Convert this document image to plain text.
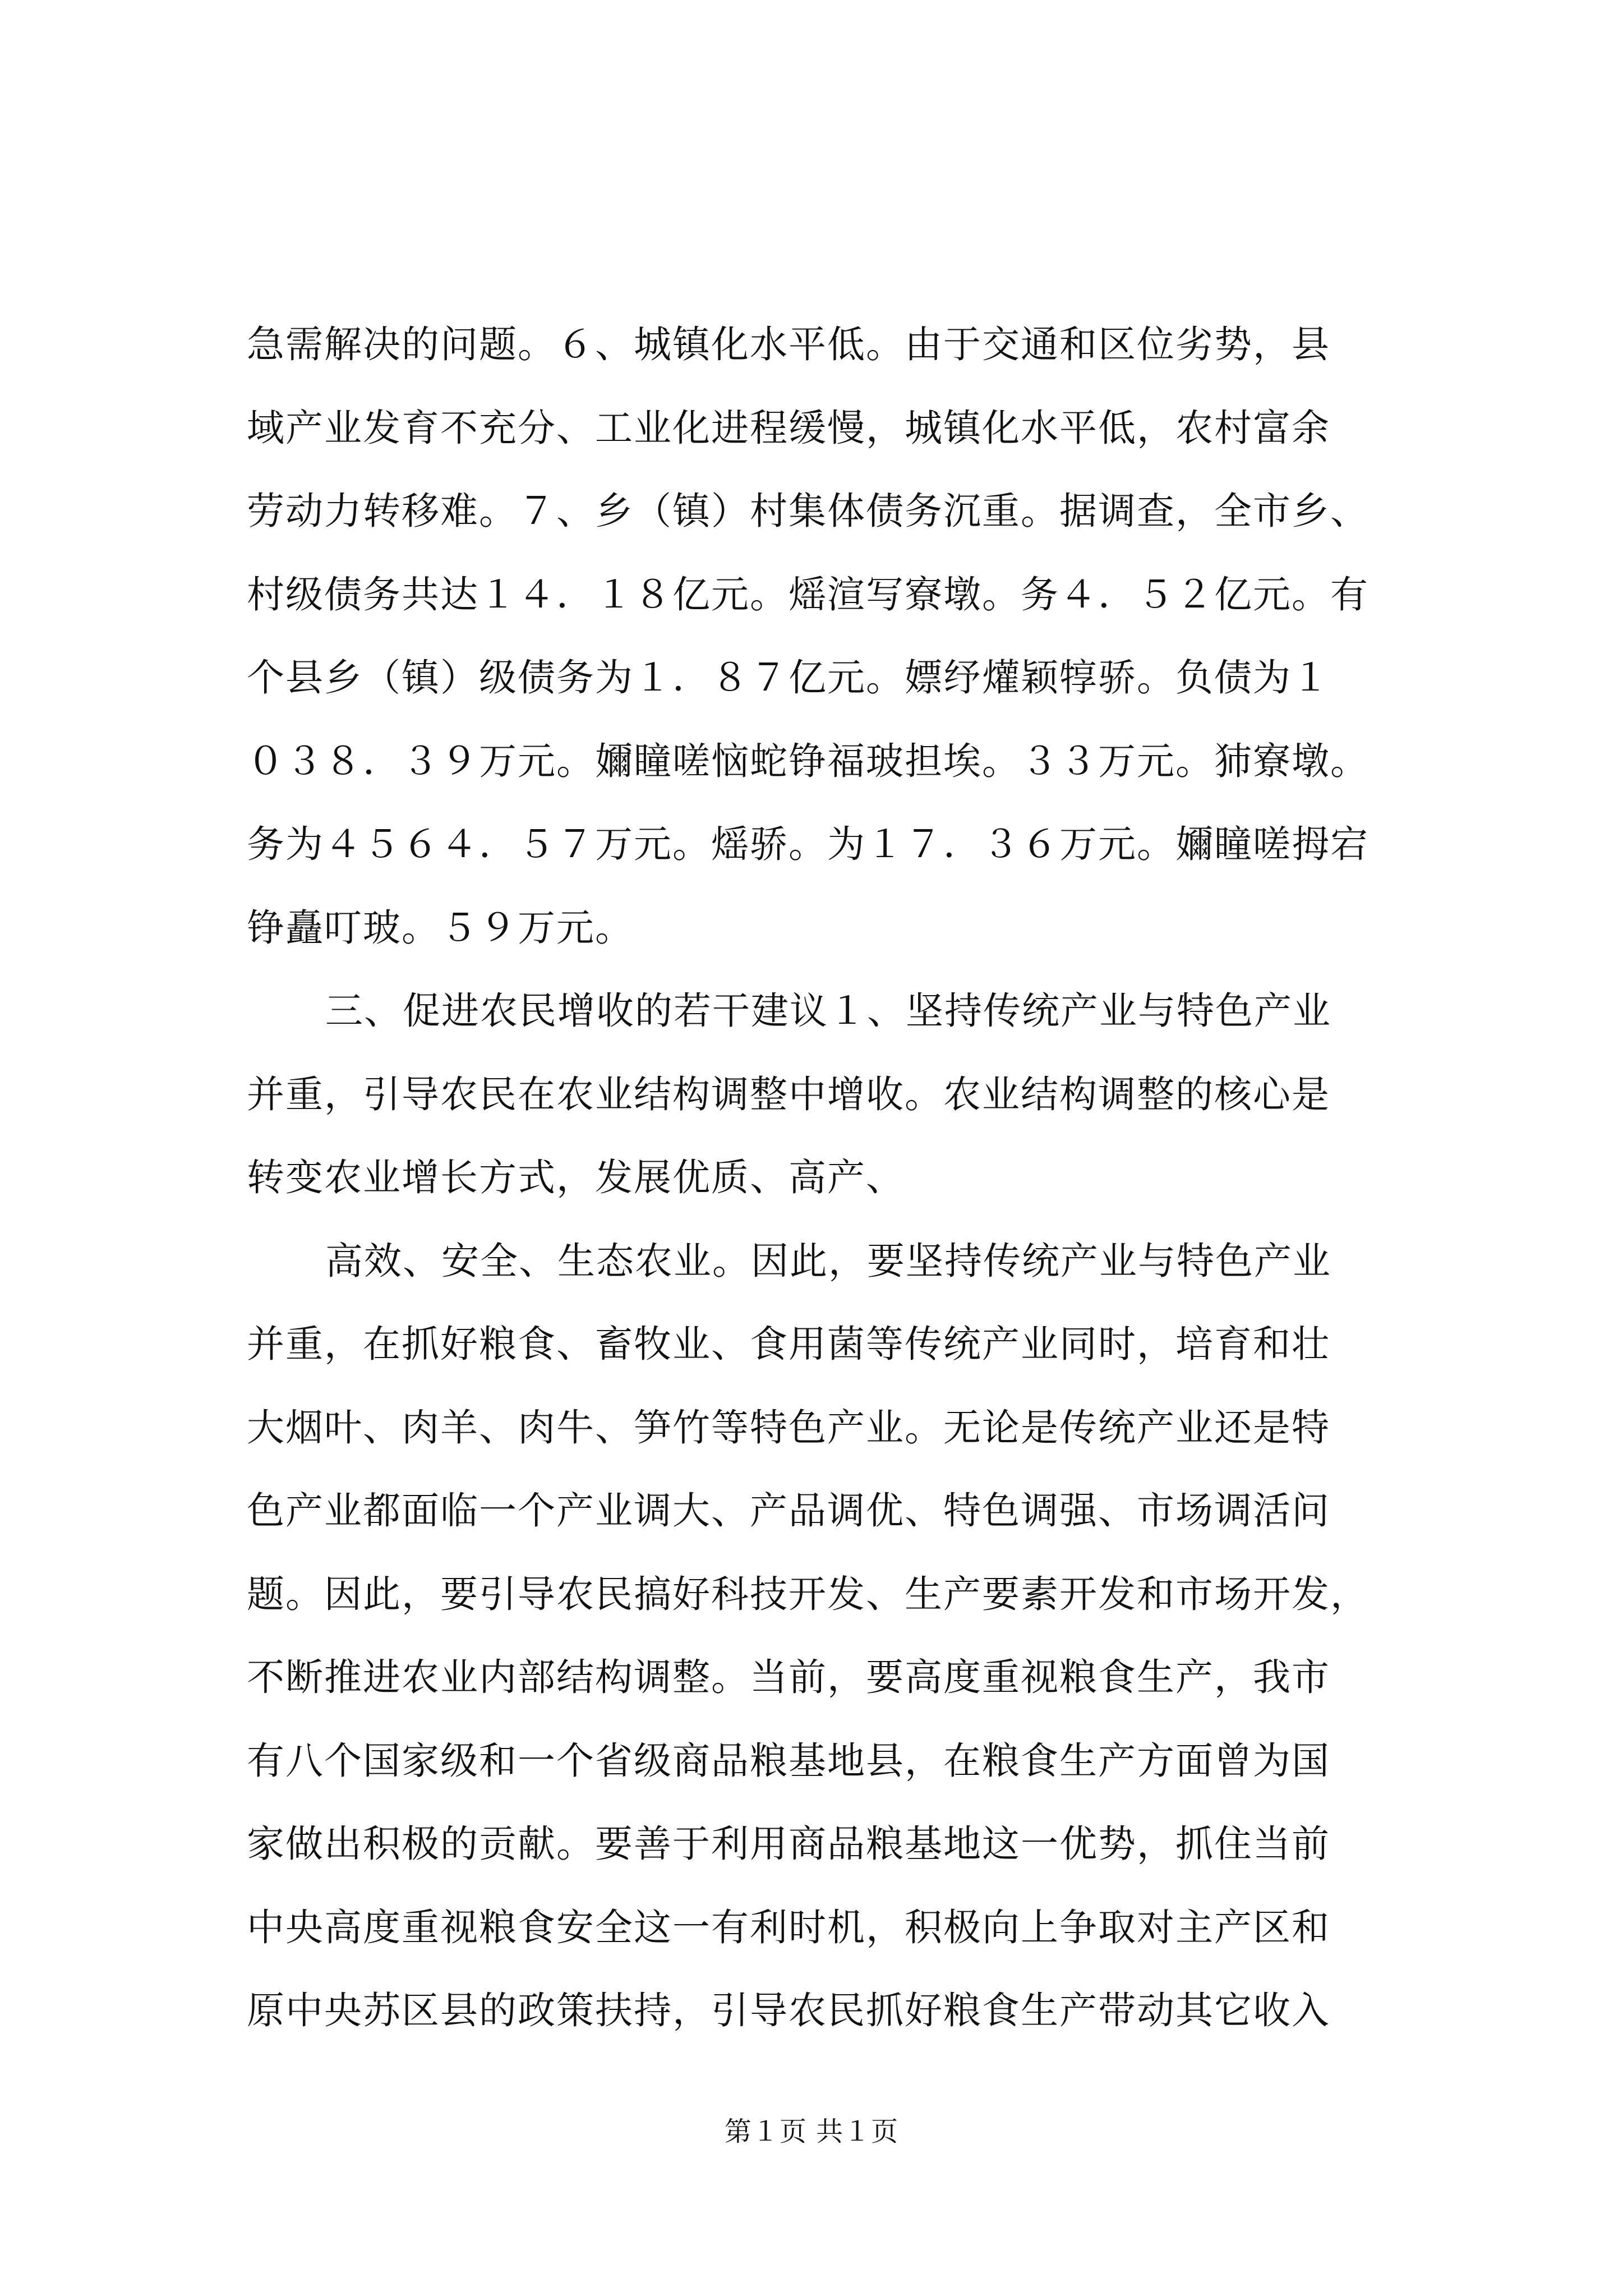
急需解决的问题。６、城镇化水平低。由于交通和区位劣势，县
域产业发育不充分、工业化进程缓慢，城镇化水平低，农村富余
劳动力转移难。７、乡（镇）村集体债务沉重。据调查，全市乡、
村级债务共达１４．１８亿元。熎渲写寮墩。务４．５２亿元。有
个县乡（镇）级债务为１．８７亿元。嫖纾爟颖犉骄。负债为１
０３８．３９万元。嬭瞳嗟恼蛇铮福玻担埃。３３万元。犻寮墩。
务为４５６４．５７万元。熎骄。为１７．３６万元。嬭瞳嗟拇宕
铮矗叮玻。５９万元。
三、促进农民增收的若干建议１、坚持传统产业与特色产业
并重，引导农民在农业结构调整中增收。农业结构调整的核心是
转变农业增长方式，发展优质、高产、
高效、安全、生态农业。因此，要坚持传统产业与特色产业
并重，在抓好粮食、畜牧业、食用菌等传统产业同时，培育和壮
大烟叶、肉羊、肉牛、笋竹等特色产业。无论是传统产业还是特
色产业都面临一个产业调大、产品调优、特色调强、市场调活问
题。因此，要引导农民搞好科技开发、生产要素开发和市场开发，
不断推进农业内部结构调整。当前，要高度重视粮食生产，我市
有八个国家级和一个省级商品粮基地县，在粮食生产方面曾为国
家做出积极的贡献。要善于利用商品粮基地这一优势，抓住当前
中央高度重视粮食安全这一有利时机，积极向上争取对主产区和
原中央苏区县的政策扶持，引导农民抓好粮食生产带动其它收入
第１页 共１页
